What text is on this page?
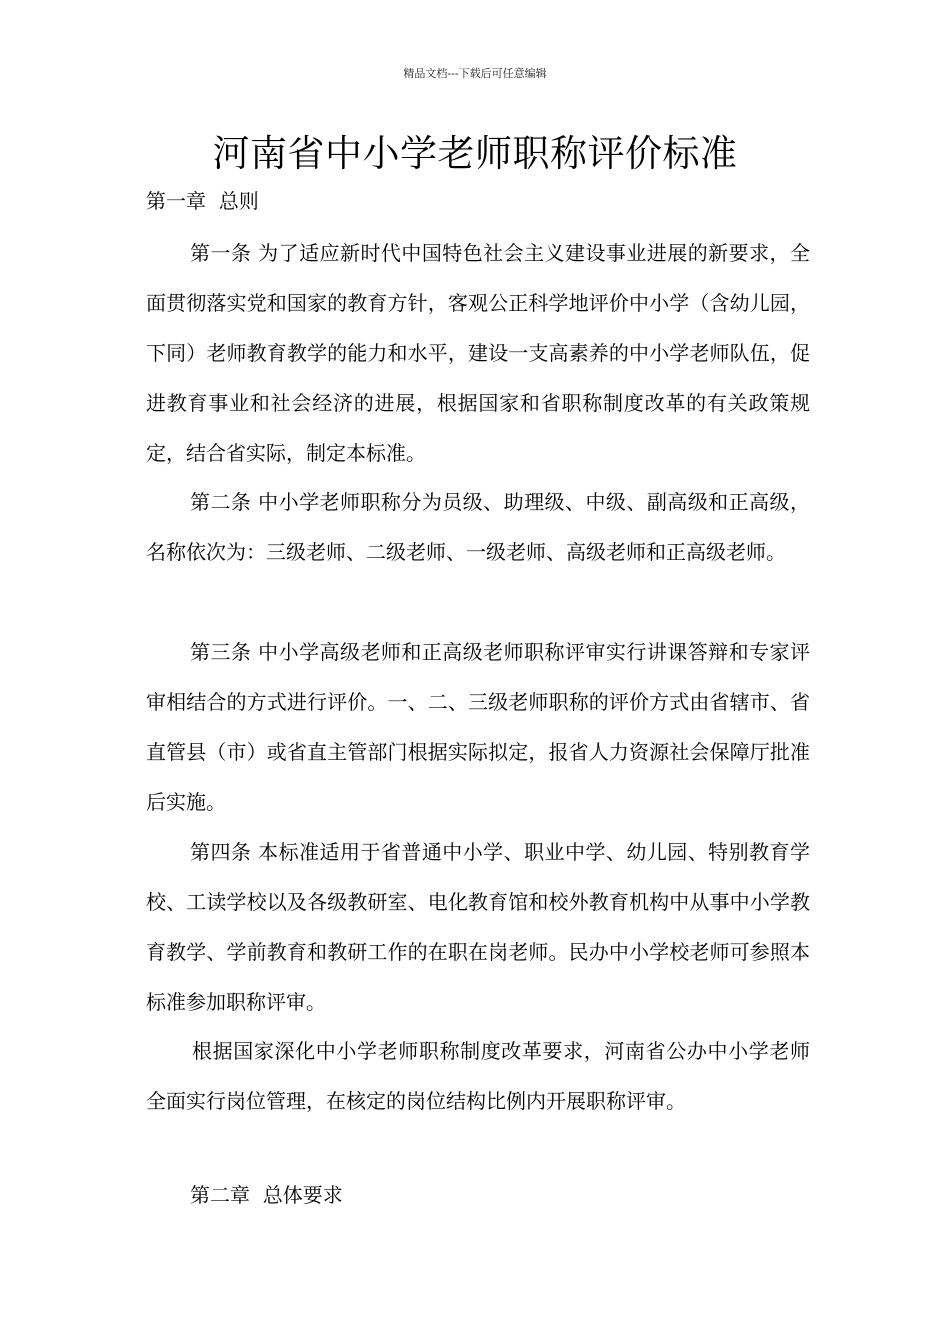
精品文档---下载后可任意编辑
河南省中小学老师职称评价标准
第一章  总则

第一条 为了适应新时代中国特色社会主义建设事业进展的新要求，全面贯彻落实党和国家的教育方针，客观公正科学地评价中小学（含幼儿园，下同）老师教育教学的能力和水平，建设一支高素养的中小学老师队伍，促进教育事业和社会经济的进展，根据国家和省职称制度改革的有关政策规定，结合省实际，制定本标准。

第二条 中小学老师职称分为员级、助理级、中级、副高级和正高级，名称依次为：三级老师、二级老师、一级老师、高级老师和正高级老师。

第三条 中小学高级老师和正高级老师职称评审实行讲课答辩和专家评审相结合的方式进行评价。一、二、三级老师职称的评价方式由省辖市、省直管县（市）或省直主管部门根据实际拟定，报省人力资源社会保障厅批准后实施。

第四条 本标准适用于省普通中小学、职业中学、幼儿园、特别教育学校、工读学校以及各级教研室、电化教育馆和校外教育机构中从事中小学教育教学、学前教育和教研工作的在职在岗老师。民办中小学校老师可参照本标准参加职称评审。

根据国家深化中小学老师职称制度改革要求，河南省公办中小学老师全面实行岗位管理，在核定的岗位结构比例内开展职称评审。

第二章  总体要求
